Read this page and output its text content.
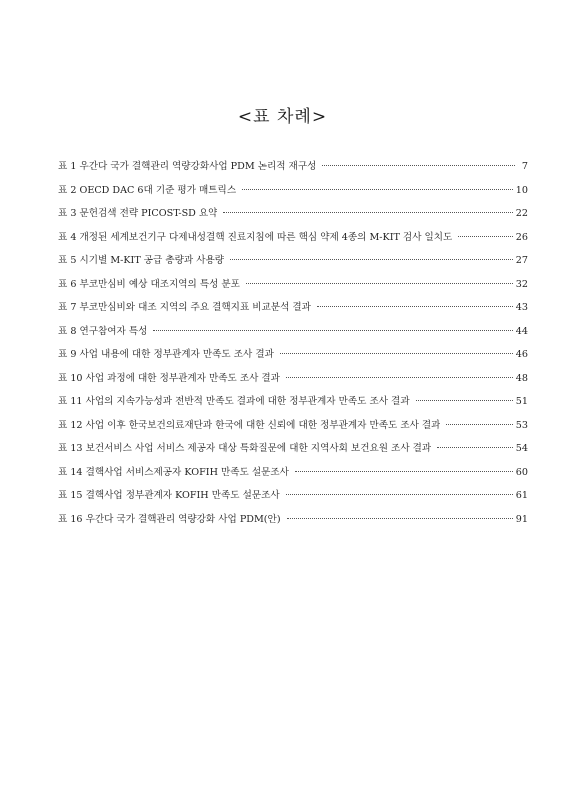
<표 차례>
표 1 우간다 국가 결핵관리 역량강화사업 PDM 논리적 재구성	7
표 2 OECD DAC 6대 기준 평가 매트릭스	10
표 3 문헌검색 전략 PICOST-SD 요약	22
표 4 개정된 세계보건기구 다제내성결핵 진료지침에 따른 핵심 약제 4종의 M-KIT 검사 일치도	26
표 5 시기별 M-KIT 공급 총량과 사용량	27
표 6 부코만심비 예상 대조지역의 특성 분포	32
표 7 부코만심비와 대조 지역의 주요 결핵지표 비교분석 결과	43
표 8 연구참여자 특성	44
표 9 사업 내용에 대한 정부관계자 만족도 조사 결과	46
표 10 사업 과정에 대한 정부관계자 만족도 조사 결과	48
표 11 사업의 지속가능성과 전반적 만족도 결과에 대한 정부관계자 만족도 조사 결과	51
표 12 사업 이후 한국보건의료재단과 한국에 대한 신뢰에 대한 정부관계자 만족도 조사 결과	53
표 13 보건서비스 사업 서비스 제공자 대상 특화질문에 대한 지역사회 보건요원 조사 결과	54
표 14 결핵사업 서비스제공자 KOFIH 만족도 설문조사	60
표 15 결핵사업 정부관계자 KOFIH 만족도 설문조사	61
표 16 우간다 국가 결핵관리 역량강화 사업 PDM(안)	91
